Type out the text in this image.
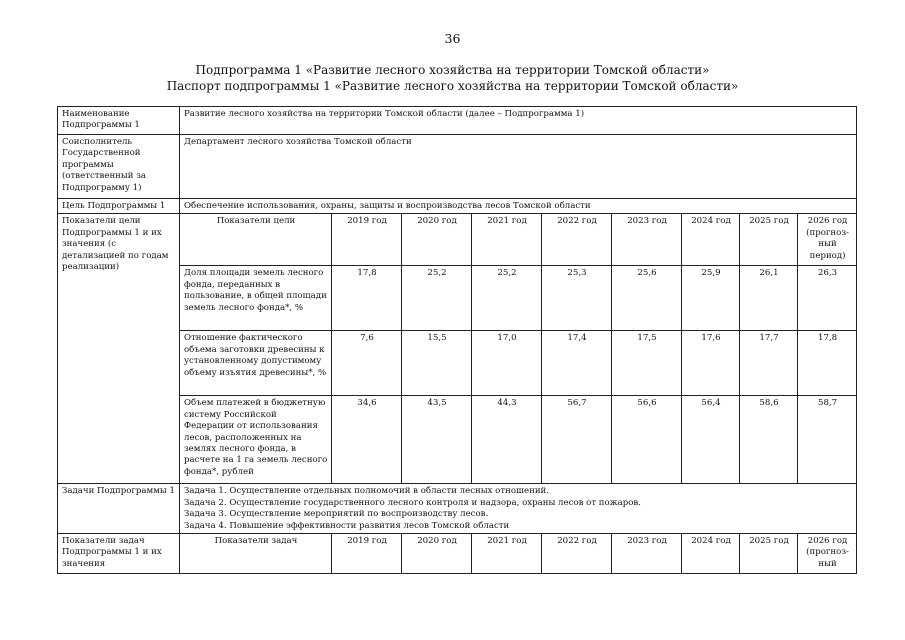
36
Подпрограмма 1 «Развитие лесного хозяйства на территории Томской области»
Паспорт подпрограммы 1 «Развитие лесного хозяйства на территории Томской области»
Наименование Подпрограммы 1	Развитие лесного хозяйства на территории Томской области (далее – Подпрограмма 1)								
Соисполнитель Государственной программы (ответственный за Подпрограмму 1)	Департамент лесного хозяйства Томской области								
Цель Подпрограммы 1	Обеспечение использования, охраны, защиты и воспроизводства лесов Томской области								
Показатели цели Подпрограммы 1 и их значения (с детализацией по годам реализации)	Показатели цели	2019 год	2020 год	2021 год	2022 год	2023 год	2024 год	2025 год	2026 год (прогноз-ный период)
	Доля площади земель лесного фонда, переданных в пользование, в общей площади земель лесного фонда*, %	17,8	25,2	25,2	25,3	25,6	25,9	26,1	26,3
	Отношение фактического объема заготовки древесины к установленному допустимому объему изъятия древесины*, %	7,6	15,5	17,0	17,4	17,5	17,6	17,7	17,8
	Объем платежей в бюджетную систему Российской Федерации от использования лесов, расположенных на землях лесного фонда, в расчете на 1 га земель лесного фонда*, рублей	34,6	43,5	44,3	56,7	56,6	56,4	58,6	58,7
Задачи Подпрограммы 1	Задача 1. Осуществление отдельных полномочий в области лесных отношений.
Задача 2. Осуществление государственного лесного контроля и надзора, охраны лесов от пожаров.
Задача 3. Осуществление мероприятий по воспроизводству лесов.
Задача 4. Повышение эффективности развития лесов Томской области								

Показатели задач Подпрограммы 1 и их значения	Показатели задач	2019 год	2020 год	2021 год	2022 год	2023 год	2024 год	2025 год	2026 год (прогноз-ный
